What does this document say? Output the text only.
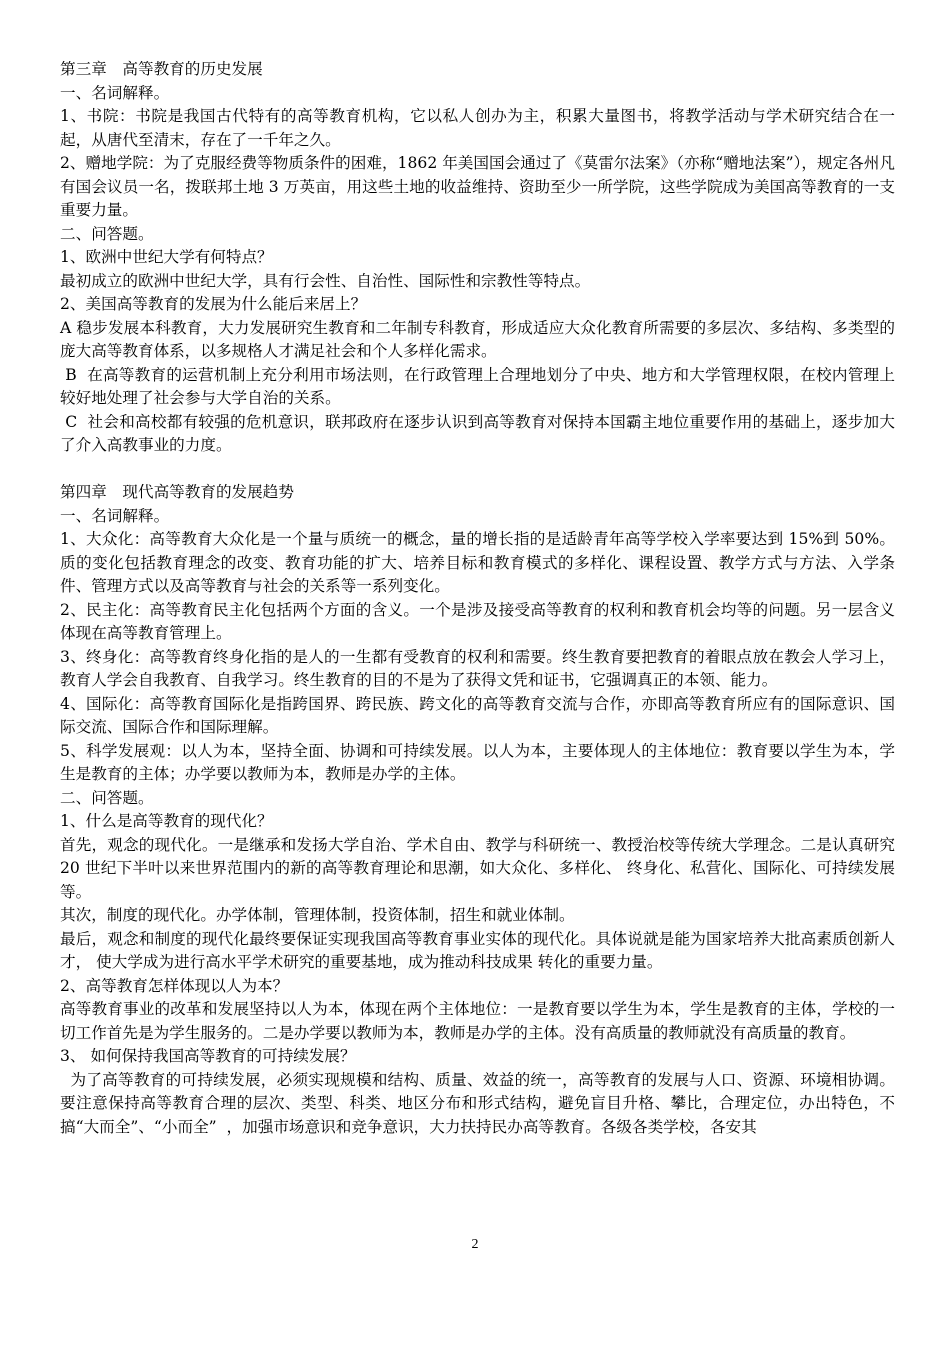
第三章　高等教育的历史发展

一、名词解释。

1、书院：书院是我国古代特有的高等教育机构，它以私人创办为主，积累大量图书，将教学活动与学术研究结合在一起，从唐代至清末，存在了一千年之久。

2、赠地学院：为了克服经费等物质条件的困难，1862 年美国国会通过了《莫雷尔法案》（亦称“赠地法案”），规定各州凡有国会议员一名，拨联邦土地 3 万英亩，用这些土地的收益维持、资助至少一所学院，这些学院成为美国高等教育的一支重要力量。

二、问答题。

1、欧洲中世纪大学有何特点？

最初成立的欧洲中世纪大学，具有行会性、自治性、国际性和宗教性等特点。

2、美国高等教育的发展为什么能后来居上？

A 稳步发展本科教育，大力发展研究生教育和二年制专科教育，形成适应大众化教育所需要的多层次、多结构、多类型的庞大高等教育体系，以多规格人才满足社会和个人多样化需求。

B  在高等教育的运营机制上充分利用市场法则，在行政管理上合理地划分了中央、地方和大学管理权限，在校内管理上较好地处理了社会参与大学自治的关系。

C  社会和高校都有较强的危机意识，联邦政府在逐步认识到高等教育对保持本国霸主地位重要作用的基础上，逐步加大了介入高教事业的力度。

第四章　现代高等教育的发展趋势

一、名词解释。

1、大众化：高等教育大众化是一个量与质统一的概念，量的增长指的是适龄青年高等学校入学率要达到 15%到 50%。质的变化包括教育理念的改变、教育功能的扩大、培养目标和教育模式的多样化、课程设置、教学方式与方法、入学条件、管理方式以及高等教育与社会的关系等一系列变化。

2、民主化：高等教育民主化包括两个方面的含义。一个是涉及接受高等教育的权利和教育机会均等的问题。另一层含义体现在高等教育管理上。

3、终身化：高等教育终身化指的是人的一生都有受教育的权利和需要。终生教育要把教育的着眼点放在教会人学习上，教育人学会自我教育、自我学习。终生教育的目的不是为了获得文凭和证书，它强调真正的本领、能力。

4、国际化：高等教育国际化是指跨国界、跨民族、跨文化的高等教育交流与合作，亦即高等教育所应有的国际意识、国际交流、国际合作和国际理解。

5、科学发展观：以人为本，坚持全面、协调和可持续发展。以人为本，主要体现人的主体地位：教育要以学生为本，学生是教育的主体；办学要以教师为本，教师是办学的主体。

二、问答题。

1、什么是高等教育的现代化？

首先，观念的现代化。一是继承和发扬大学自治、学术自由、教学与科研统一、教授治校等传统大学理念。二是认真研究 20 世纪下半叶以来世界范围内的新的高等教育理论和思潮，如大众化、多样化、 终身化、私营化、国际化、可持续发展等。

其次，制度的现代化。办学体制，管理体制，投资体制，招生和就业体制。

最后，观念和制度的现代化最终要保证实现我国高等教育事业实体的现代化。具体说就是能为国家培养大批高素质创新人才， 使大学成为进行高水平学术研究的重要基地，成为推动科技成果 转化的重要力量。

2、高等教育怎样体现以人为本？

高等教育事业的改革和发展坚持以人为本，体现在两个主体地位：一是教育要以学生为本，学生是教育的主体，学校的一切工作首先是为学生服务的。二是办学要以教师为本，教师是办学的主体。没有高质量的教师就没有高质量的教育。

3、 如何保持我国高等教育的可持续发展？

为了高等教育的可持续发展，必须实现规模和结构、质量、效益的统一，高等教育的发展与人口、资源、环境相协调。要注意保持高等教育合理的层次、类型、科类、地区分布和形式结构，避免盲目升格、攀比，合理定位，办出特色，不搞“大而全”、“小而全”  ，加强市场意识和竞争意识，大力扶持民办高等教育。各级各类学校，各安其

2
